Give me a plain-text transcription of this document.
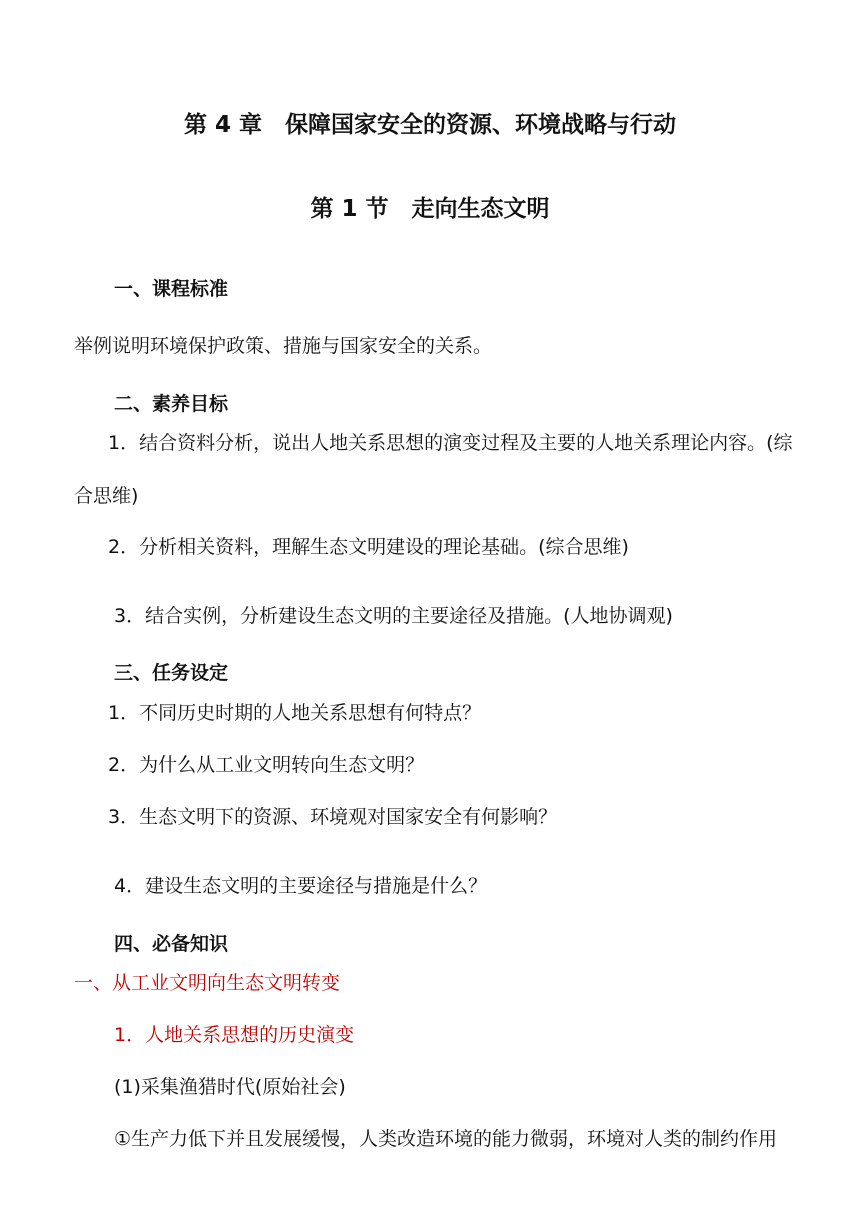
第 4 章　保障国家安全的资源、环境战略与行动
第 1 节　走向生态文明
一、课程标准
举例说明环境保护政策、措施与国家安全的关系。
二、素养目标
1．结合资料分析，说出人地关系思想的演变过程及主要的人地关系理论内容。(综
合思维)
2．分析相关资料，理解生态文明建设的理论基础。(综合思维)
3．结合实例，分析建设生态文明的主要途径及措施。(人地协调观)
三、任务设定
1．不同历史时期的人地关系思想有何特点？
2．为什么从工业文明转向生态文明？
3．生态文明下的资源、环境观对国家安全有何影响？
4．建设生态文明的主要途径与措施是什么？
四、必备知识
一、从工业文明向生态文明转变
1．人地关系思想的历史演变
(1)采集渔猎时代(原始社会)
①生产力低下并且发展缓慢，人类改造环境的能力微弱，环境对人类的制约作用
